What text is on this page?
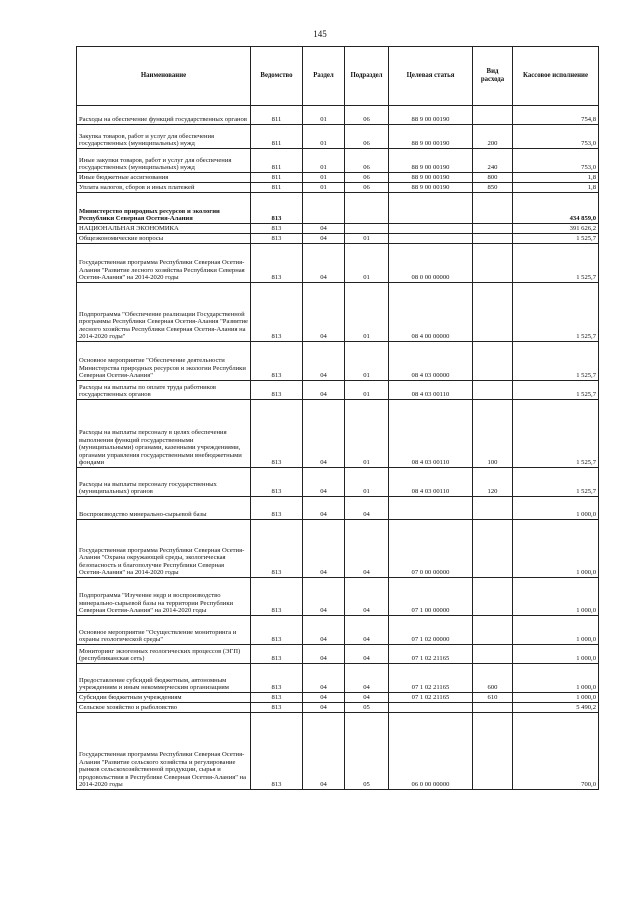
145
Наименование	Ведомство	Раздел	Подраздел	Целевая статья	Вид расхода	Кассовое исполнение
Расходы на обеспечение функций государственных органов	811	01	06	88 9 00 00190		754,8
Закупка товаров, работ и услуг для обеспечения государственных (муниципальных) нужд	811	01	06	88 9 00 00190	200	753,0
Иные закупки товаров, работ и услуг для обеспечения государственных (муниципальных) нужд	811	01	06	88 9 00 00190	240	753,0
Иные бюджетные ассигнования	811	01	06	88 9 00 00190	800	1,8
Уплата налогов, сборов и иных платежей	811	01	06	88 9 00 00190	850	1,8
Министерство природных ресурсов и экологии Республики Северная Осетия-Алания	813					434 859,0
НАЦИОНАЛЬНАЯ ЭКОНОМИКА	813	04				391 626,2
Общеэкономические вопросы	813	04	01			1 525,7
Государственная программа Республики Северная Осетия-Алания "Развитие лесного хозяйства Республики Северная Осетия-Алания" на 2014-2020 годы	813	04	01	08 0 00 00000		1 525,7
Подпрограмма "Обеспечение реализации Государственной программы Республики Северная Осетия-Алания "Развитие лесного хозяйства Республики Северная Осетия-Алания на 2014-2020 годы"	813	04	01	08 4 00 00000		1 525,7
Основное мероприятие "Обеспечение деятельности Министерства природных ресурсов и экологии Республики Северная Осетия-Алания"	813	04	01	08 4 03 00000		1 525,7
Расходы на выплаты по оплате труда работников государственных органов	813	04	01	08 4 03 00110		1 525,7
Расходы на выплаты персоналу в целях обеспечения выполнения функций государственными (муниципальными) органами, казенными учреждениями, органами управления государственными внебюджетными фондами	813	04	01	08 4 03 00110	100	1 525,7
Расходы на выплаты персоналу государственных (муниципальных) органов	813	04	01	08 4 03 00110	120	1 525,7
Воспроизводство минерально-сырьевой базы	813	04	04			1 000,0
Государственная программа Республики Северная Осетия-Алания "Охрана окружающей среды, экологическая безопасность и благополучие Республики Северная Осетия-Алания" на 2014-2020 годы	813	04	04	07 0 00 00000		1 000,0
Подпрограмма "Изучение недр и воспроизводство минерально-сырьевой базы на территории Республики Северная Осетия-Алания" на 2014-2020 годы	813	04	04	07 1 00 00000		1 000,0
Основное мероприятие "Осуществление мониторинга и охраны геологической среды"	813	04	04	07 1 02 00000		1 000,0
Мониторинг экзогенных геологических процессов (ЭГП) (республиканская сеть)	813	04	04	07 1 02 21165		1 000,0
Предоставление субсидий бюджетным, автономным учреждениям и иным некоммерческим организациям	813	04	04	07 1 02 21165	600	1 000,0
Субсидии бюджетным учреждениям	813	04	04	07 1 02 21165	610	1 000,0
Сельское хозяйство и рыболовство	813	04	05			5 490,2
Государственная программа Республики Северная Осетия-Алания "Развитие сельского хозяйства и регулирование рынков сельскохозяйственной продукции, сырья и продовольствия в Республике Северная Осетия-Алания" на 2014-2020 годы	813	04	05	06 0 00 00000		700,0
